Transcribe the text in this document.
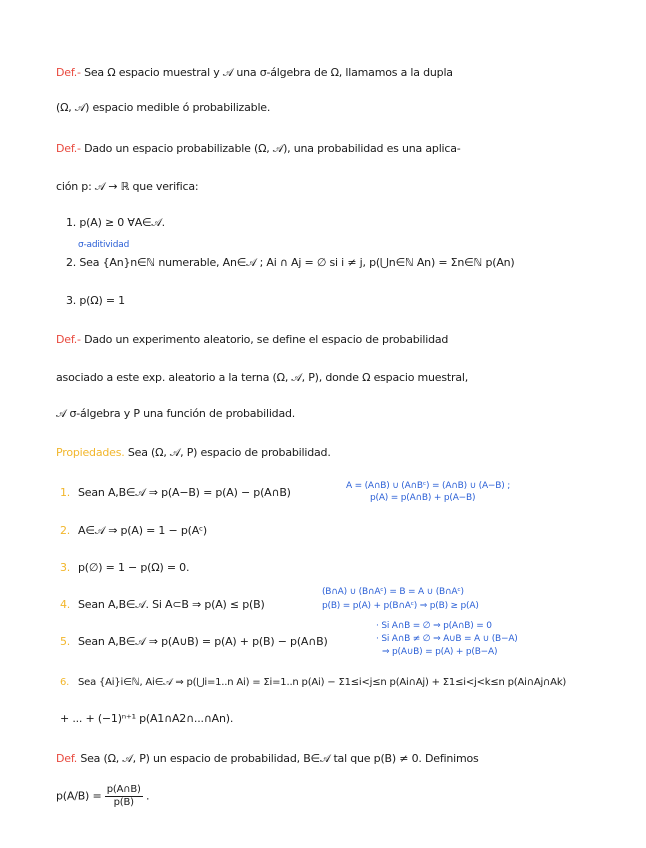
Def.- Sea Ω espacio muestral y 𝒜 una σ-álgebra de Ω, llamamos a la dupla
(Ω, 𝒜) espacio medible ó probabilizable.
Def.- Dado un espacio probabilizable (Ω, 𝒜), una probabilidad es una aplica-
ción p: 𝒜 → ℝ que verifica:
1. p(A) ≥ 0 ∀A∈𝒜.
σ-aditividad
2. Sea {An}n∈ℕ numerable, An∈𝒜 ; Ai ∩ Aj = ∅ si i ≠ j, p(⋃n∈ℕ An) = Σn∈ℕ p(An)
3. p(Ω) = 1
Def.- Dado un experimento aleatorio, se define el espacio de probabilidad
asociado a este exp. aleatorio a la terna (Ω, 𝒜, P), donde Ω espacio muestral,
𝒜 σ-álgebra y P una función de probabilidad.
Propiedades. Sea (Ω, 𝒜, P) espacio de probabilidad.
1. Sean A,B∈𝒜 ⇒ p(A−B) = p(A) − p(A∩B)	A = (A∩B) ∪ (A∩Bᶜ) = (A∩B) ∪ (A−B) ;
p(A) = p(A∩B) + p(A−B)
2. A∈𝒜 ⇒ p(A) = 1 − p(Aᶜ)
3. p(∅) = 1 − p(Ω) = 0.
(B∩A) ∪ (B∩Aᶜ) = B = A ∪ (B∩Aᶜ)
p(B) = p(A) + p(B∩Aᶜ) ⇒ p(B) ≥ p(A)
4. Sean A,B∈𝒜. Si A⊂B ⇒ p(A) ≤ p(B)
· Si A∩B = ∅ ⇒ p(A∩B) = 0
· Si A∩B ≠ ∅ ⇒ A∪B = A ∪ (B−A)
⇒ p(A∪B) = p(A) + p(B−A)
5. Sean A,B∈𝒜 ⇒ p(A∪B) = p(A) + p(B) − p(A∩B)
6. Sea {Ai}i∈ℕ, Ai∈𝒜 ⇒ p(⋃i=1..n Ai) = Σi=1..n p(Ai) − Σ1≤i<j≤n p(Ai∩Aj) + Σ1≤i<j<k≤n p(Ai∩Aj∩Ak)
+ ... + (−1)ⁿ⁺¹ p(A1∩A2∩...∩An).
Def. Sea (Ω, 𝒜, P) un espacio de probabilidad, B∈𝒜 tal que p(B) ≠ 0. Definimos
$p(A/B) = \frac{p(A\cap B)}{p(B)}$ .
